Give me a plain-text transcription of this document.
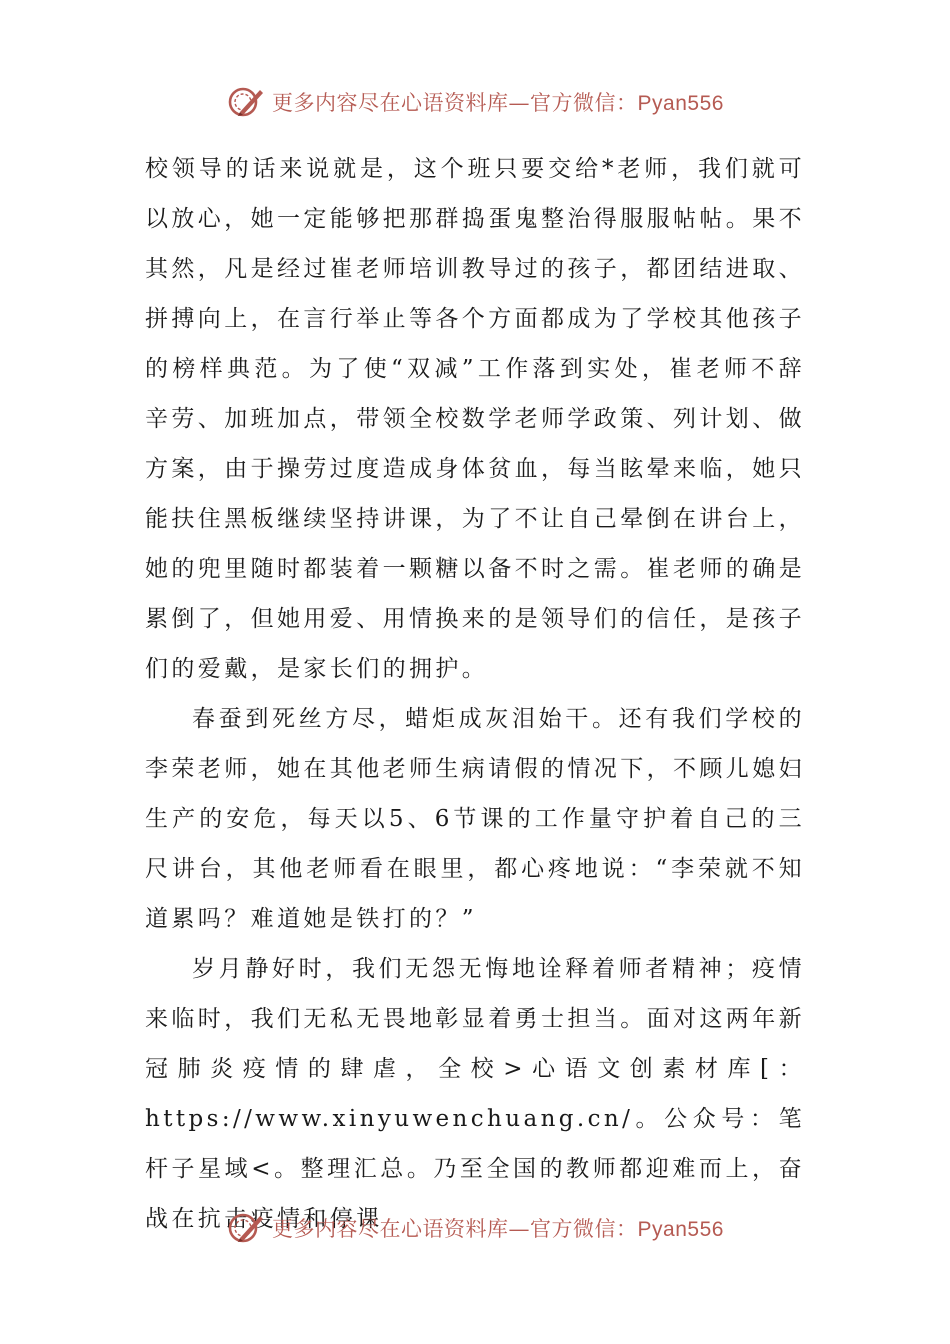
更多内容尽在心语资料库—官方微信：Pyan556

校领导的话来说就是，这个班只要交给*老师，我们就可以放心，她一定能够把那群捣蛋鬼整治得服服帖帖。果不其然，凡是经过崔老师培训教导过的孩子，都团结进取、拼搏向上，在言行举止等各个方面都成为了学校其他孩子的榜样典范。为了使“双减”工作落到实处，崔老师不辞辛劳、加班加点，带领全校数学老师学政策、列计划、做方案，由于操劳过度造成身体贫血，每当眩晕来临，她只能扶住黑板继续坚持讲课，为了不让自己晕倒在讲台上，她的兜里随时都装着一颗糖以备不时之需。崔老师的确是累倒了，但她用爱、用情换来的是领导们的信任，是孩子们的爱戴，是家长们的拥护。

春蚕到死丝方尽，蜡炬成灰泪始干。还有我们学校的李荣老师，她在其他老师生病请假的情况下，不顾儿媳妇生产的安危，每天以5、6节课的工作量守护着自己的三尺讲台，其他老师看在眼里，都心疼地说：“李荣就不知道累吗？难道她是铁打的？”

岁月静好时，我们无怨无悔地诠释着师者精神；疫情来临时，我们无私无畏地彰显着勇士担当。面对这两年新冠肺炎疫情的肆虐，全校>心语文创素材库[：https://www.xinyuwenchuang.cn/。公众号：笔杆子星域<。整理汇总。乃至全国的教师都迎难而上，奋战在抗击疫情和停课

更多内容尽在心语资料库—官方微信：Pyan556
